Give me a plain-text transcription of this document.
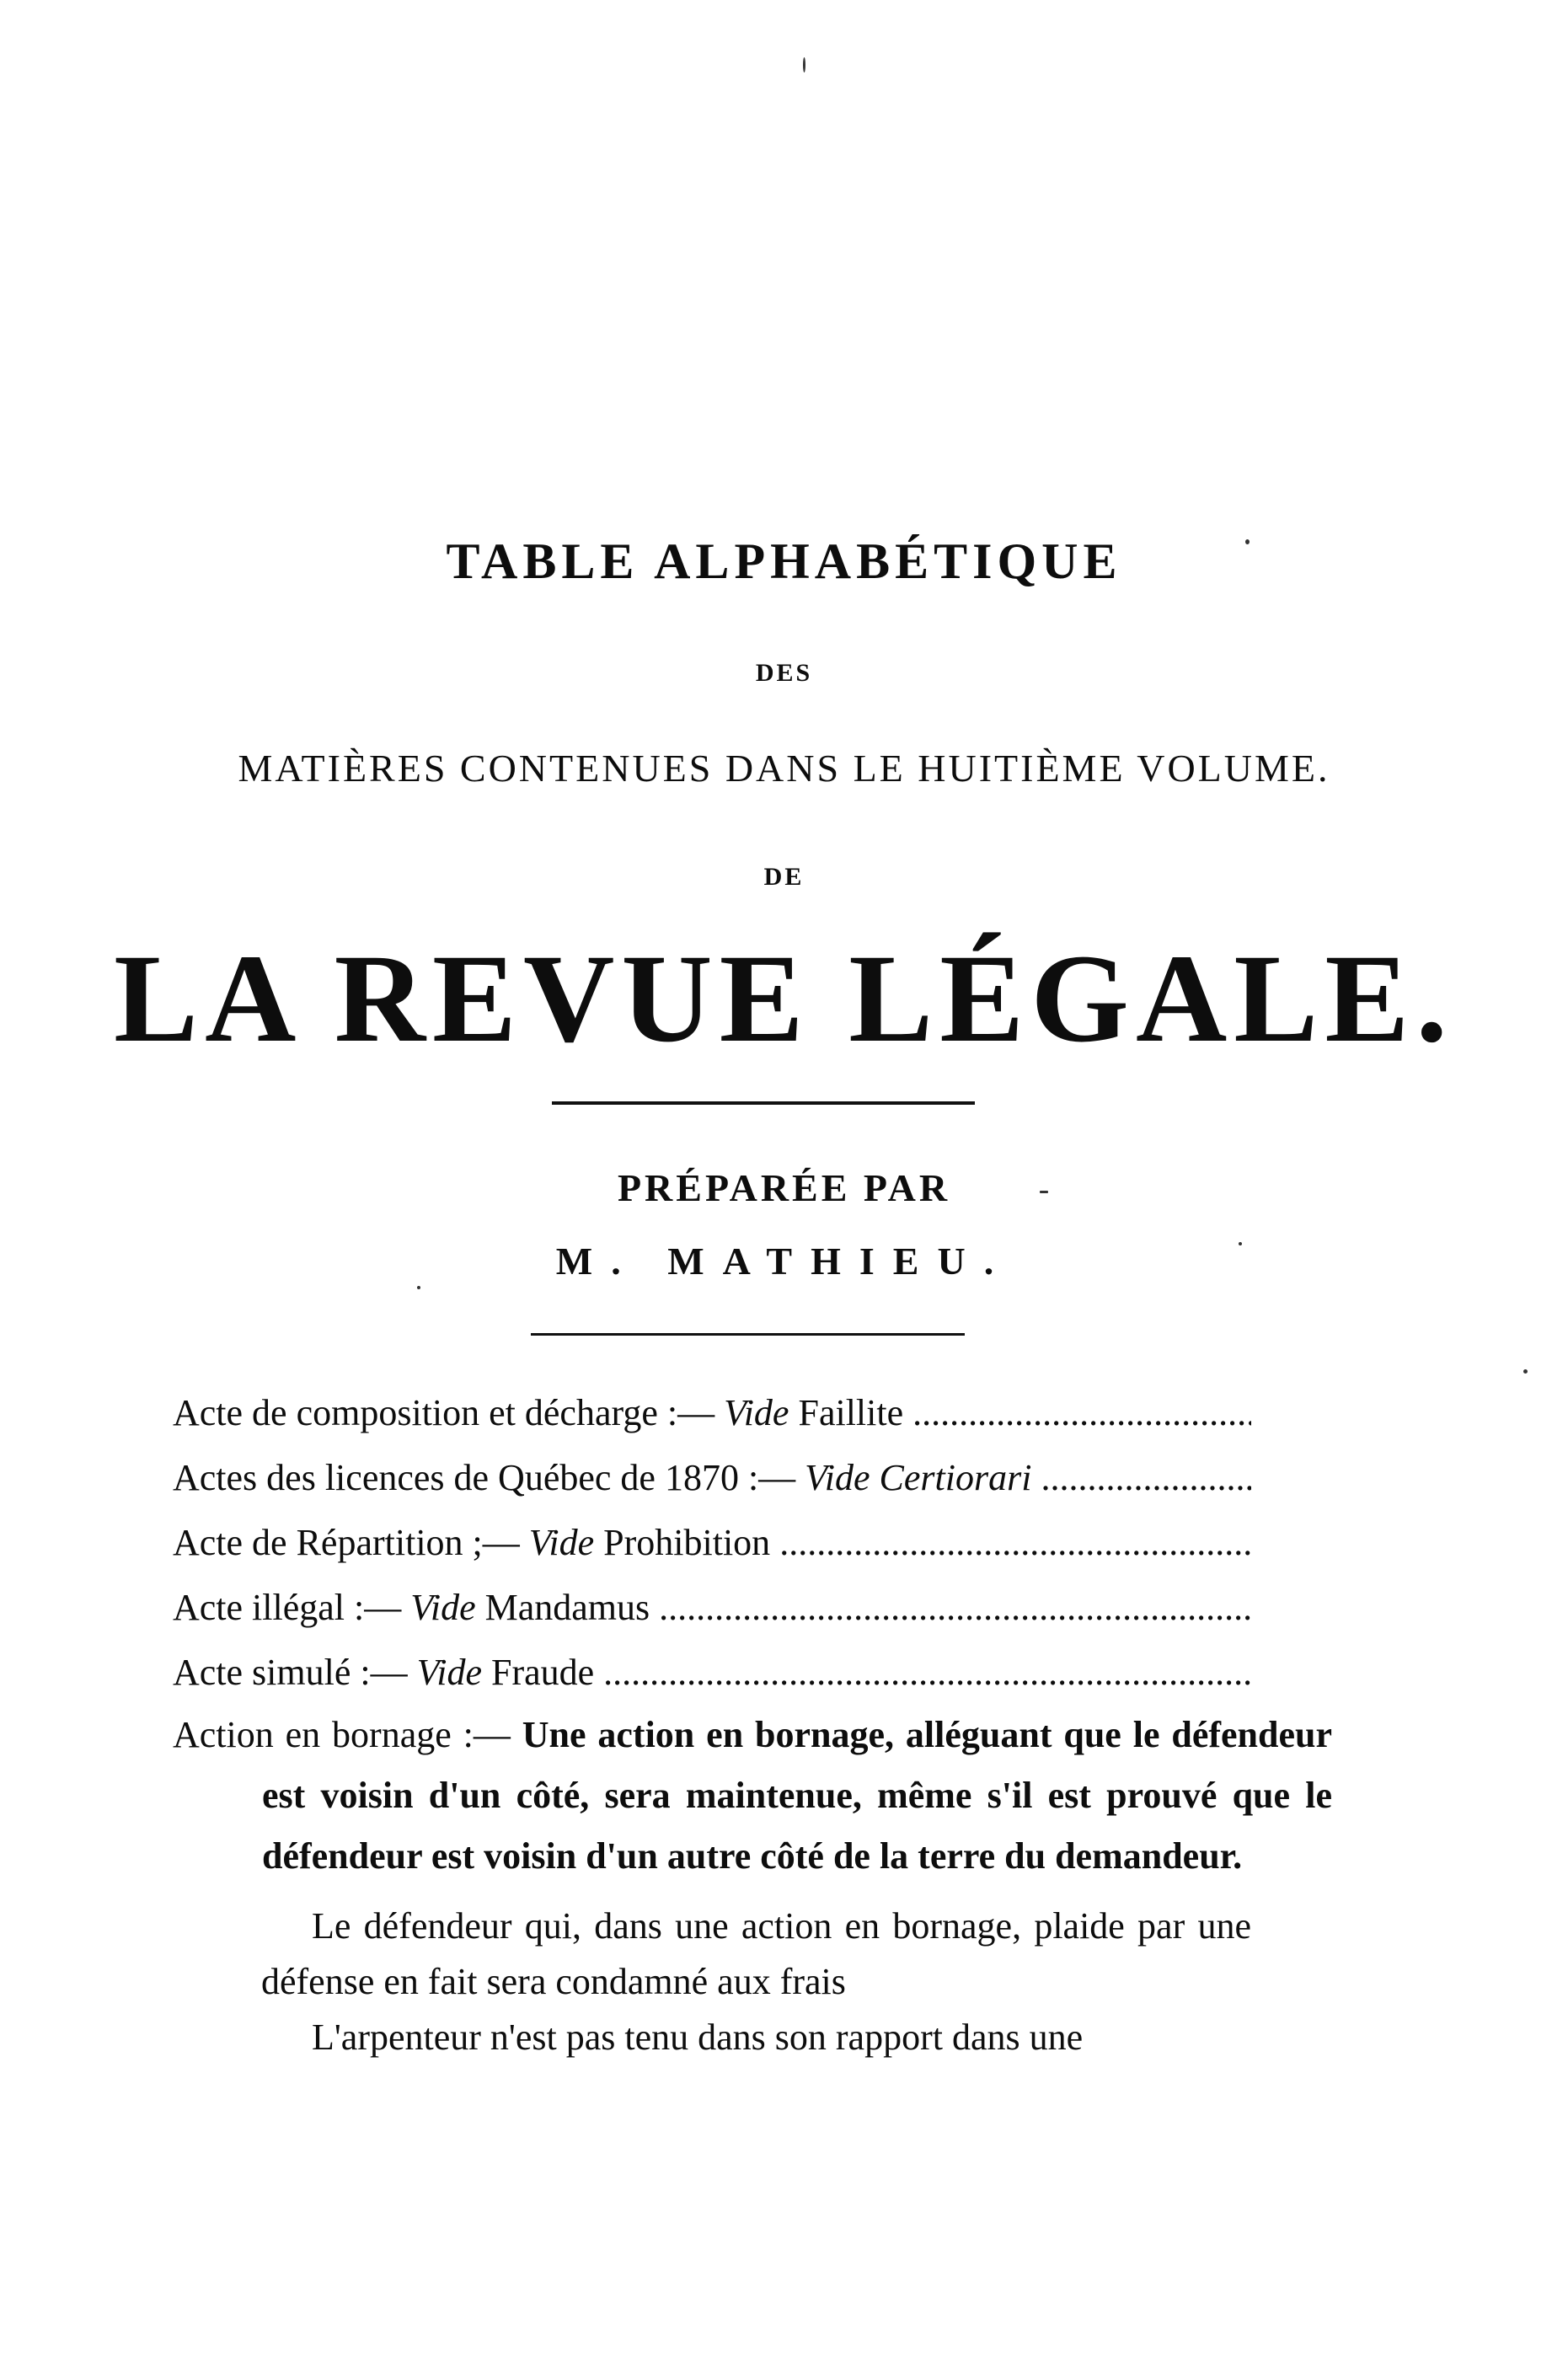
TABLE ALPHABÉTIQUE
DES
MATIÈRES CONTENUES DANS LE HUITIÈME VOLUME.
DE
LA REVUE LÉGALE.
PRÉPARÉE PAR
M. MATHIEU.
Acte de composition et décharge :— Vide Faillite .....
Actes des licences de Québec de 1870 :— Vide Certiorari .....
Acte de Répartition ;— Vide Prohibition .....
Acte illégal :— Vide Mandamus .....
Acte simulé :— Vide Fraude .....
Action en bornage :— Une action en bornage, alléguant que le défendeur est voisin d'un côté, sera maintenue, même s'il est prouvé que le défendeur est voisin d'un autre côté de la terre du demandeur.

Le défendeur qui, dans une action en bornage, plaide par une défense en fait sera condamné aux frais

L'arpenteur n'est pas tenu dans son rapport dans une
